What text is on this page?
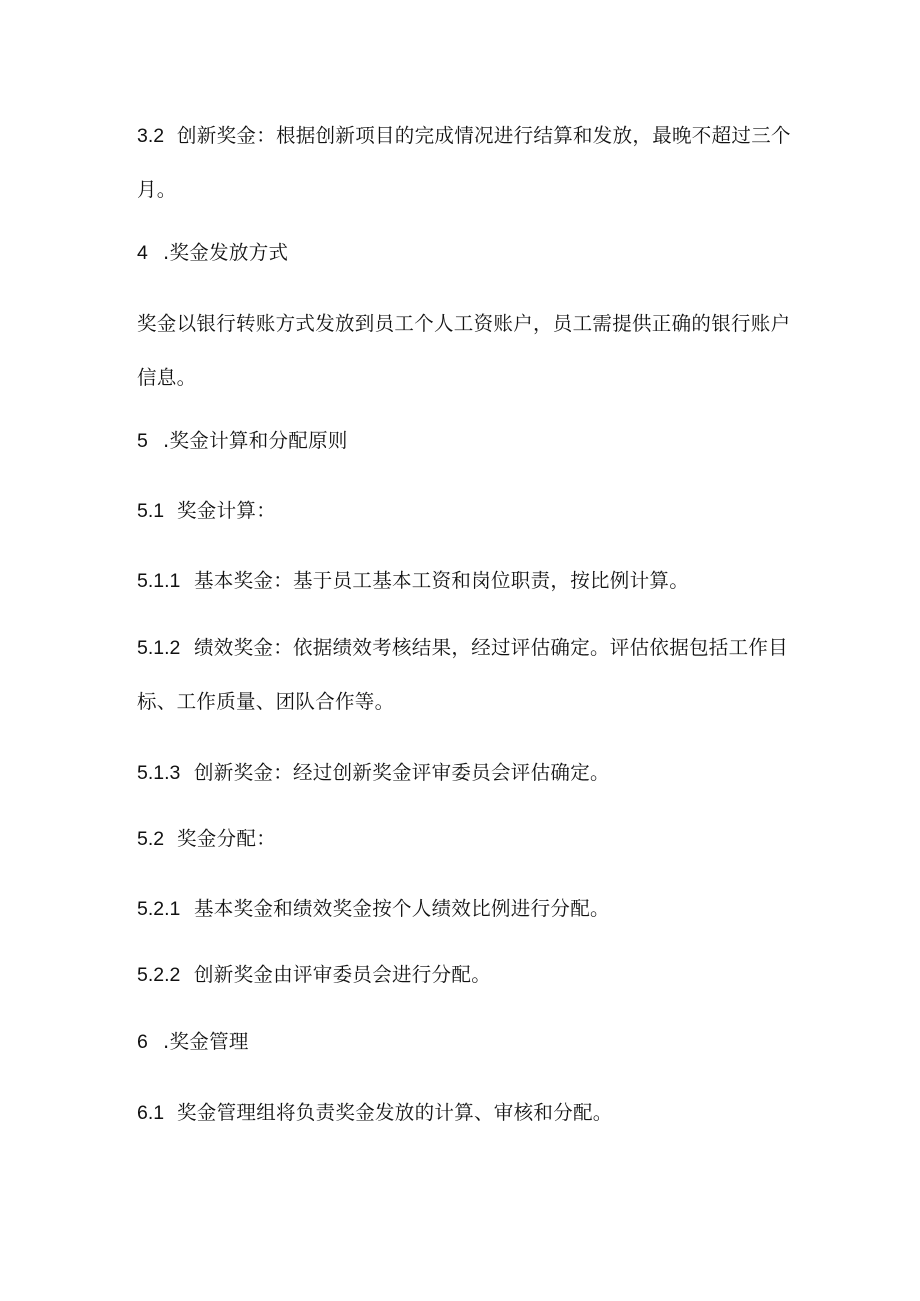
3.2 创新奖金：根据创新项目的完成情况进行结算和发放，最晚不超过三个月。

4 .奖金发放方式

奖金以银行转账方式发放到员工个人工资账户，员工需提供正确的银行账户信息。

5 .奖金计算和分配原则

5.1 奖金计算：

5.1.1 基本奖金：基于员工基本工资和岗位职责，按比例计算。

5.1.2 绩效奖金：依据绩效考核结果，经过评估确定。评估依据包括工作目标、工作质量、团队合作等。

5.1.3 创新奖金：经过创新奖金评审委员会评估确定。

5.2 奖金分配：

5.2.1 基本奖金和绩效奖金按个人绩效比例进行分配。

5.2.2 创新奖金由评审委员会进行分配。

6 .奖金管理

6.1 奖金管理组将负责奖金发放的计算、审核和分配。
